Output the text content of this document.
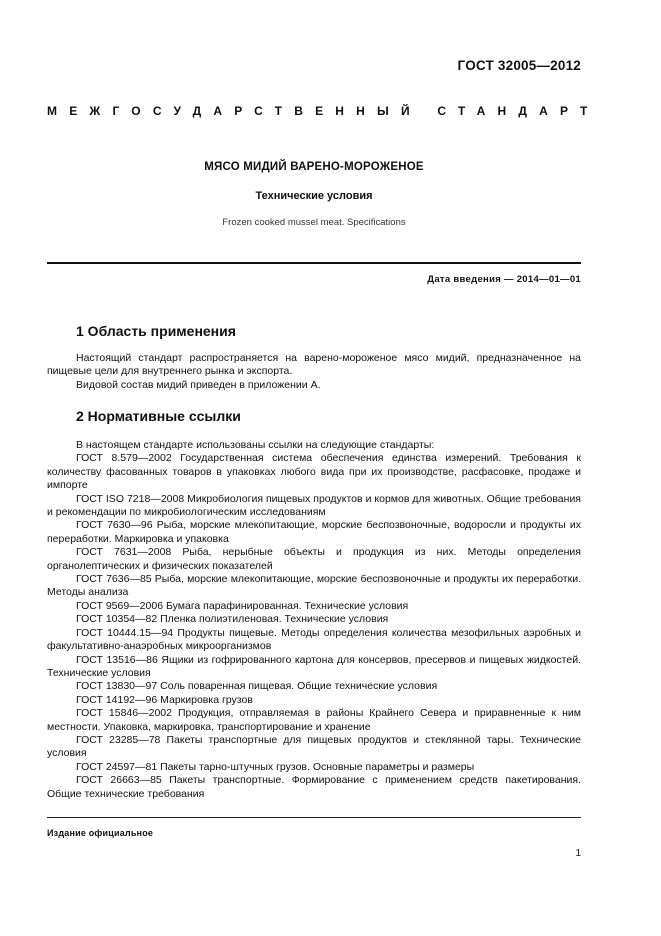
ГОСТ 32005—2012
МЕЖГОСУДАРСТВЕННЫЙ СТАНДАРТ
МЯСО МИДИЙ ВАРЕНО-МОРОЖЕНОЕ
Технические условия
Frozen cooked mussel meat. Specifications
Дата введения — 2014—01—01
1 Область применения

Настоящий стандарт распространяется на варено-мороженое мясо мидий, предназначенное на пищевые цели для внутреннего рынка и экспорта.

Видовой состав мидий приведен в приложении А.

2 Нормативные ссылки

В настоящем стандарте использованы ссылки на следующие стандарты:

ГОСТ 8.579—2002 Государственная система обеспечения единства измерений. Требования к количеству фасованных товаров в упаковках любого вида при их производстве, расфасовке, продаже и импорте

ГОСТ ISO 7218—2008 Микробиология пищевых продуктов и кормов для животных. Общие требования и рекомендации по микробиологическим исследованиям

ГОСТ 7630—96 Рыба, морские млекопитающие, морские беспозвоночные, водоросли и продукты их переработки. Маркировка и упаковка

ГОСТ 7631—2008 Рыба, нерыбные объекты и продукция из них. Методы определения органолептических и физических показателей

ГОСТ 7636—85 Рыба, морские млекопитающие, морские беспозвоночные и продукты их переработки. Методы анализа

ГОСТ 9569—2006 Бумага парафинированная. Технические условия

ГОСТ 10354—82 Пленка полиэтиленовая. Технические условия

ГОСТ 10444.15—94 Продукты пищевые. Методы определения количества мезофильных аэробных и факультативно-анаэробных микроорганизмов

ГОСТ 13516—86 Ящики из гофрированного картона для консервов, пресервов и пищевых жидкостей. Технические условия

ГОСТ 13830—97 Соль поваренная пищевая. Общие технические условия

ГОСТ 14192—96 Маркировка грузов

ГОСТ 15846—2002 Продукция, отправляемая в районы Крайнего Севера и приравненные к ним местности. Упаковка, маркировка, транспортирование и хранение

ГОСТ 23285—78 Пакеты транспортные для пищевых продуктов и стеклянной тары. Технические условия

ГОСТ 24597—81 Пакеты тарно-штучных грузов. Основные параметры и размеры

ГОСТ 26663—85 Пакеты транспортные. Формирование с применением средств пакетирования. Общие технические требования

Издание официальное
1
